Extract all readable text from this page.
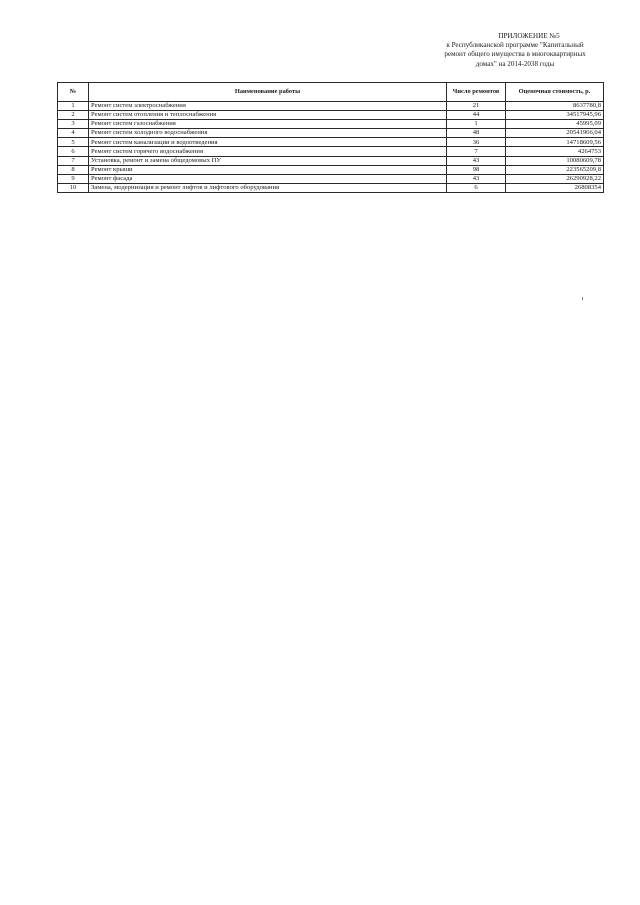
ПРИЛОЖЕНИЕ №5
к Республиканской программе "Капитальный
ремонт общего имущества в многоквартирных
домах" на 2014-2038 годы
№	Наименование работы	Число ремонтов	Оценочная стоимость, р.
1	Ремонт систем электроснабжения	21	8637780,8
2	Ремонт систем отопления и теплоснабжения	44	34517945,96
3	Ремонт систем газоснабжения	1	45995,09
4	Ремонт систем холодного водоснабжения	48	20541966,04
5	Ремонт систем канализации и водоотведения	36	14718609,56
6	Ремонт систем горячего водоснабжения	7	4264753
7	Установка, ремонт и замена общедомовых ПУ	43	10080609,78
8	Ремонт крыши	98	223565209,8
9	Ремонт фасада	43	26290928,22
10	Замена, модернизация и ремонт лифтов и лифтового оборудования	6	26808354
